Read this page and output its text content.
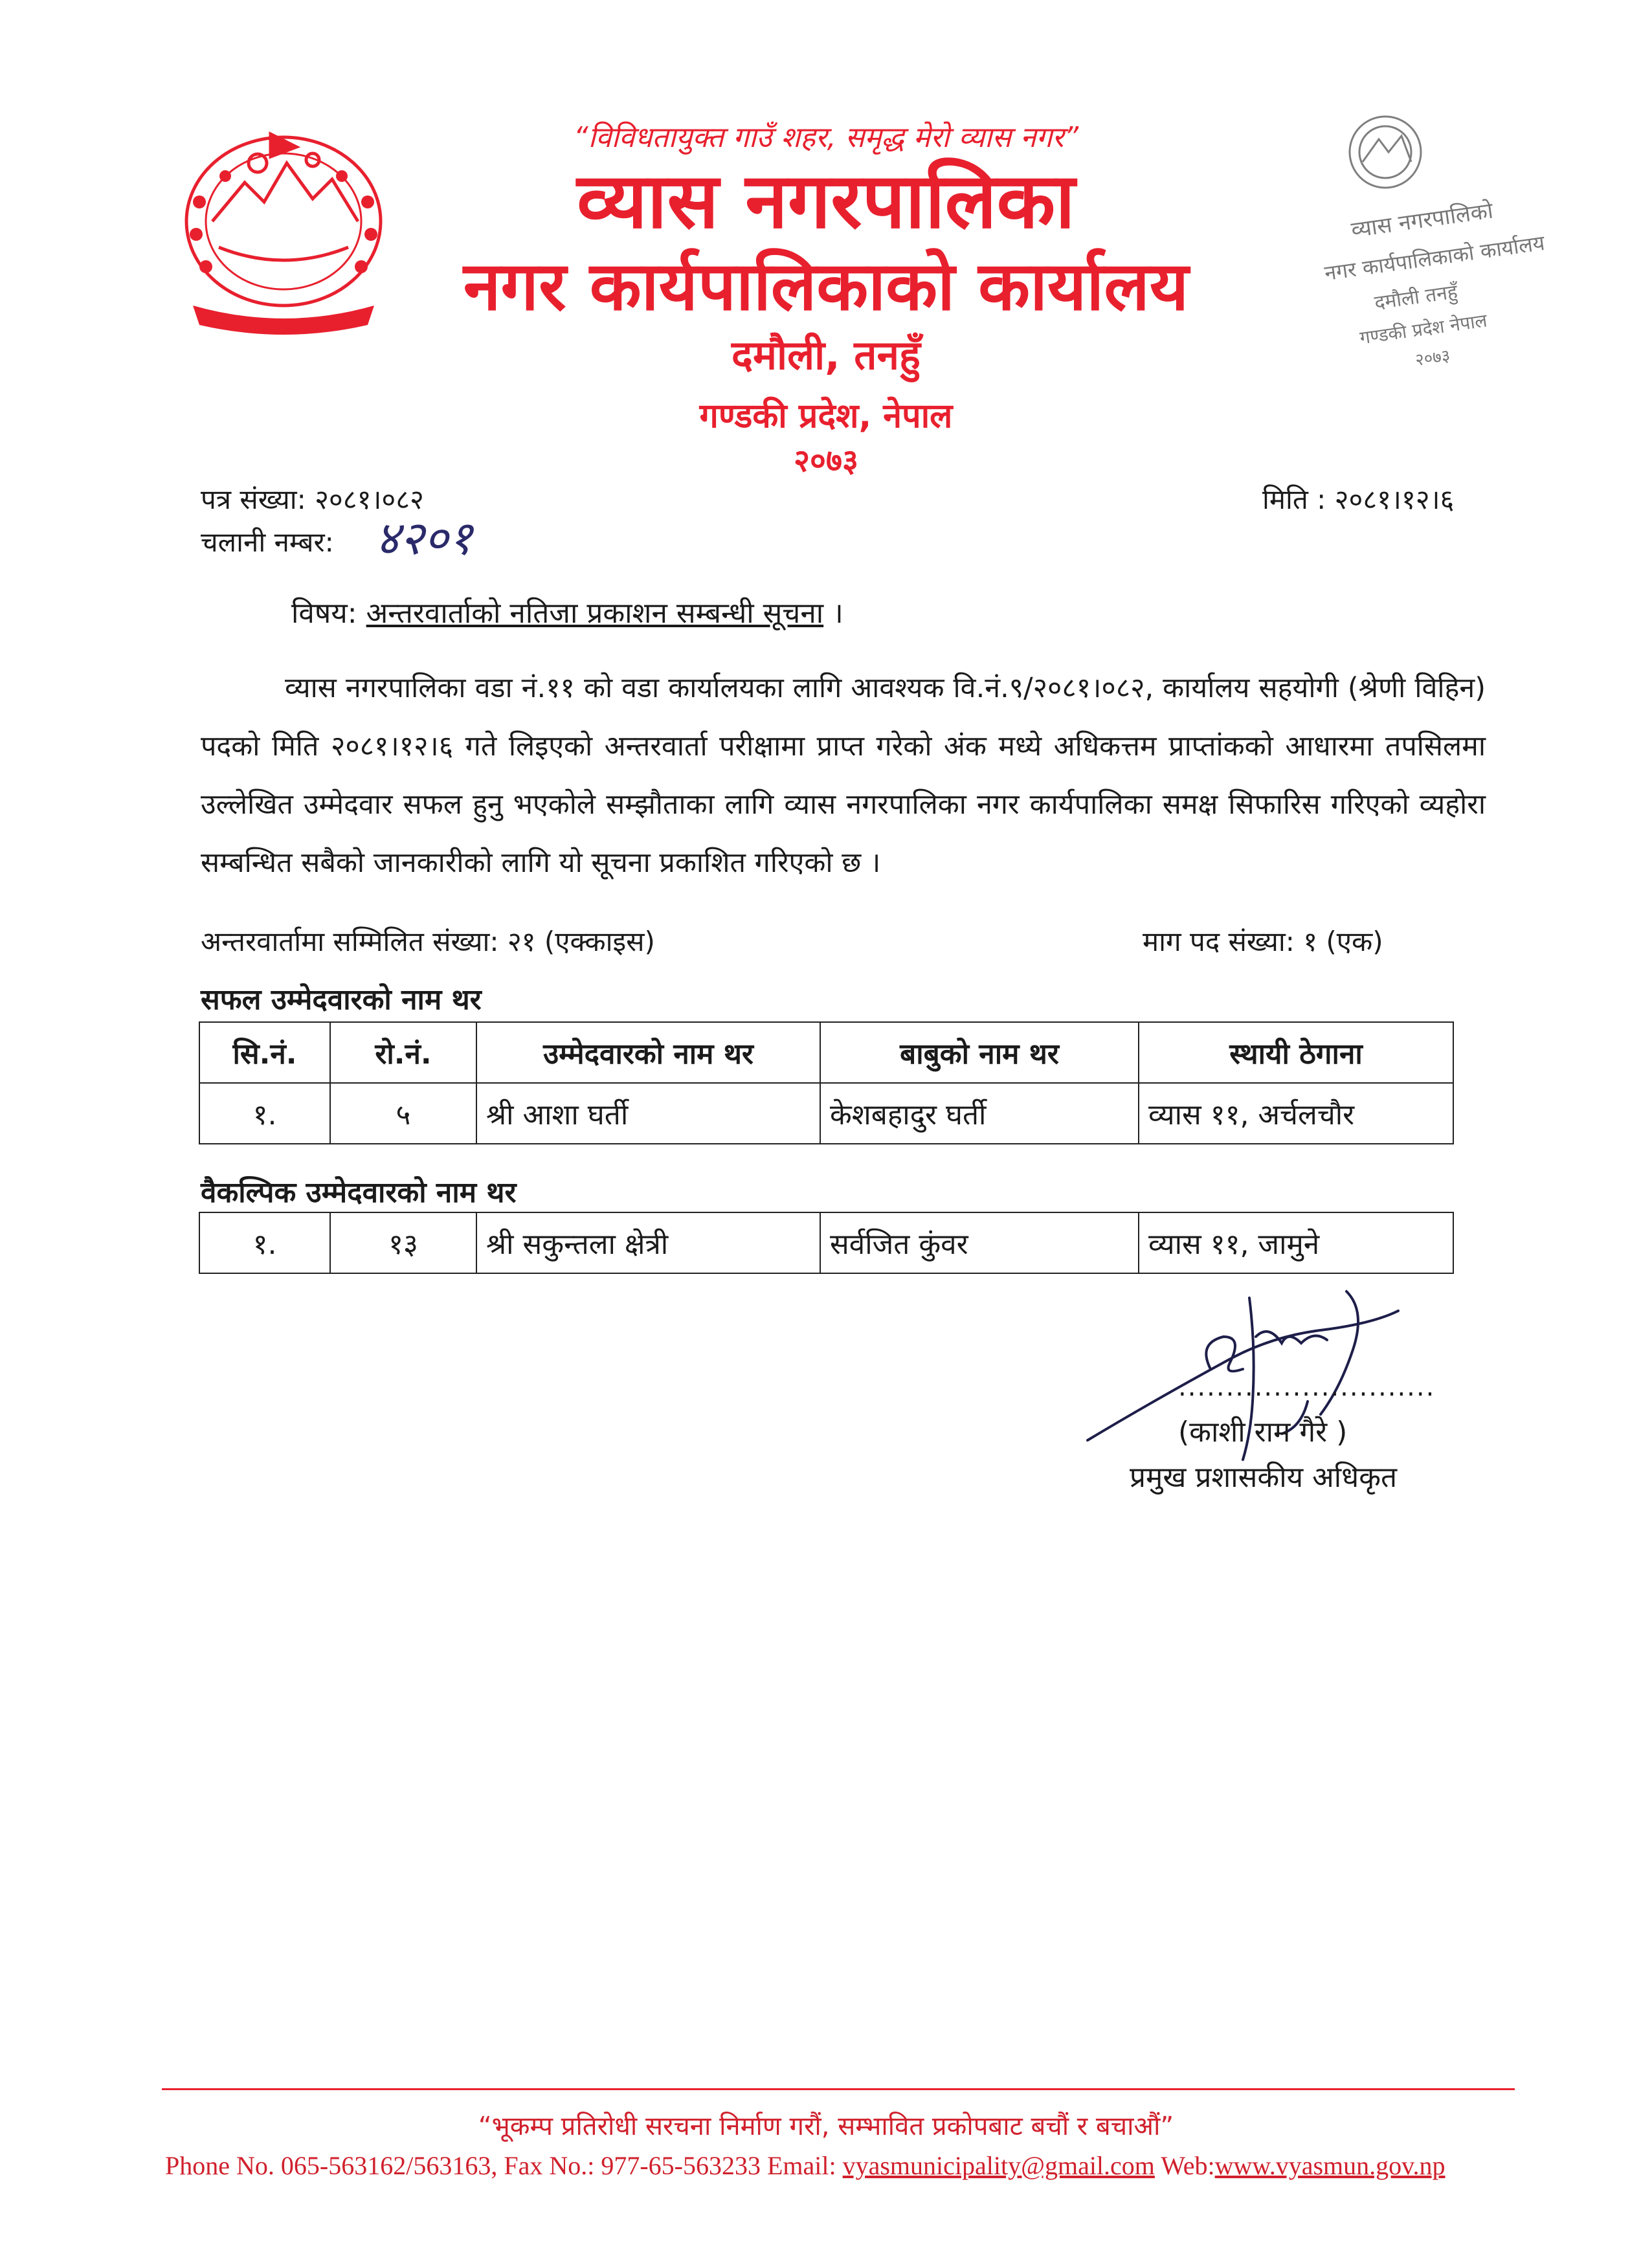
व्यास नगरपालिको
नगर कार्यपालिकाको कार्यालय
दमौली तनहुँ
गण्डकी प्रदेश नेपाल
२०७३
“विविधतायुक्त गाउँ शहर, समृद्ध मेरो व्यास नगर”
व्यास नगरपालिका
नगर कार्यपालिकाको कार्यालय
दमौली, तनहुँ
गण्डकी प्रदेश, नेपाल
२०७३
पत्र संख्या: २०८१।०८२	मिति : २०८१।१२।६
चलानी नम्बर: ४२०१
विषय: अन्तरवार्ताको नतिजा प्रकाशन सम्बन्धी सूचना ।
व्यास नगरपालिका वडा नं.११ को वडा कार्यालयका लागि आवश्यक वि.नं.९/२०८१।०८२, कार्यालय सहयोगी (श्रेणी विहिन) पदको मिति २०८१।१२।६ गते लिइएको अन्तरवार्ता परीक्षामा प्राप्त गरेको अंक मध्ये अधिकत्तम प्राप्तांकको आधारमा तपसिलमा उल्लेखित उम्मेदवार सफल हुनु भएकोले सम्झौताका लागि व्यास नगरपालिका नगर कार्यपालिका समक्ष सिफारिस गरिएको व्यहोरा सम्बन्धित सबैको जानकारीको लागि यो सूचना प्रकाशित गरिएको छ ।
अन्तरवार्तामा सम्मिलित संख्या: २१ (एक्काइस)	माग पद संख्या: १ (एक)
सफल उम्मेदवारको नाम थर
सि.नं.	रो.नं.	उम्मेदवारको नाम थर	बाबुको नाम थर	स्थायी ठेगाना
१.	५	श्री आशा घर्ती	केशबहादुर घर्ती	व्यास ११, अर्चलचौर
वैकल्पिक उम्मेदवारको नाम थर
१.	१३	श्री सकुन्तला क्षेत्री	सर्वजित कुंवर	व्यास ११, जामुने
...........................
(काशी राम गैरे )
प्रमुख प्रशासकीय अधिकृत
“भूकम्प प्रतिरोधी सरचना निर्माण गरौं, सम्भावित प्रकोपबाट बचौं र बचाऔं”
Phone No. 065-563162/563163, Fax No.: 977-65-563233 Email: vyasmunicipality@gmail.com Web:www.vyasmun.gov.np
